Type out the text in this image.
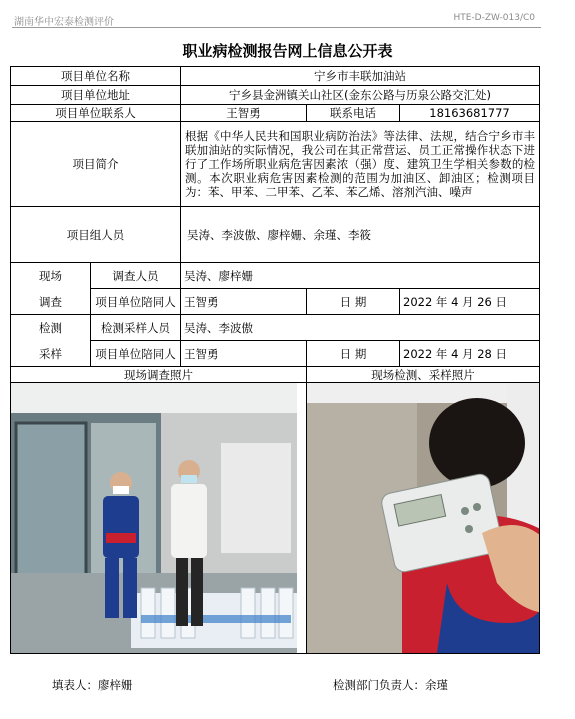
湖南华中宏泰检测评价	HTE-D-ZW-013/C0
职业病检测报告网上信息公开表
项目单位名称		宁乡市丰联加油站		
项目单位地址		宁乡县金洲镇关山社区(金东公路与历泉公路交汇处)		
项目单位联系人		王智勇	联系电话	18163681777
项目简介		根据《中华人民共和国职业病防治法》等法律、法规，结合宁乡市丰联加油站的实际情况，我公司在其正常营运、员工正常操作状态下进行了工作场所职业病危害因素浓（强）度、建筑卫生学相关参数的检测。本次职业病危害因素检测的范围为加油区、卸油区；检测项目为：苯、甲苯、二甲苯、乙苯、苯乙烯、溶剂汽油、噪声		
项目组人员		吴涛、李波傲、廖梓姗、余瑾、李筱		

现场
调查	调查人员	吴涛、廖梓姗		
	项目单位陪同人	王智勇	日 期	2022 年 4 月 26 日

检测
采样	检测采样人员	吴涛、李波傲		
	项目单位陪同人	王智勇	日 期	2022 年 4 月 28 日
现场调查照片			现场检测、采样照片	

填表人：廖梓姗	检测部门负责人：余瑾
